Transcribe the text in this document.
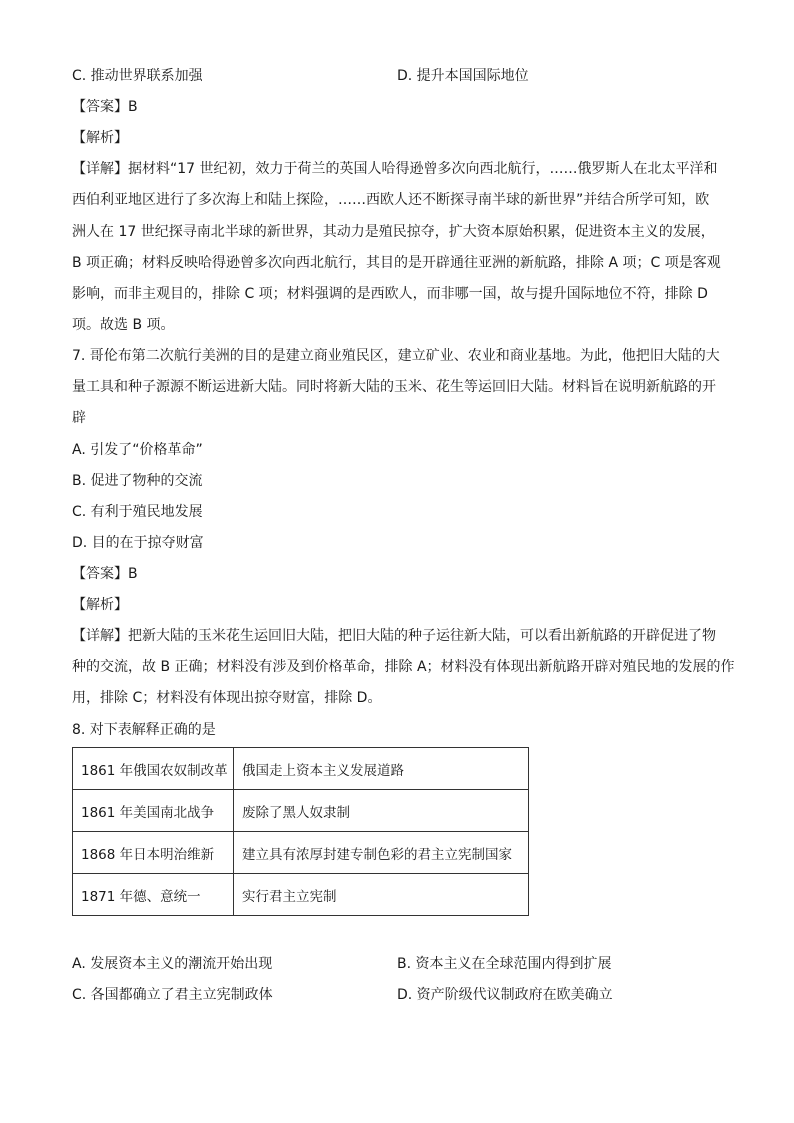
C. 推动世界联系加强	D. 提升本国国际地位
【答案】B
【解析】
【详解】据材料“17 世纪初，效力于荷兰的英国人哈得逊曾多次向西北航行，……俄罗斯人在北太平洋和
西伯利亚地区进行了多次海上和陆上探险，……西欧人还不断探寻南半球的新世界”并结合所学可知，欧
洲人在 17 世纪探寻南北半球的新世界，其动力是殖民掠夺，扩大资本原始积累，促进资本主义的发展，
B 项正确；材料反映哈得逊曾多次向西北航行，其目的是开辟通往亚洲的新航路，排除 A 项；C 项是客观
影响，而非主观目的，排除 C 项；材料强调的是西欧人，而非哪一国，故与提升国际地位不符，排除 D
项。故选 B 项。
7. 哥伦布第二次航行美洲的目的是建立商业殖民区，建立矿业、农业和商业基地。为此，他把旧大陆的大
量工具和种子源源不断运进新大陆。同时将新大陆的玉米、花生等运回旧大陆。材料旨在说明新航路的开
辟
A. 引发了“价格革命”
B. 促进了物种的交流
C. 有利于殖民地发展
D. 目的在于掠夺财富
【答案】B
【解析】
【详解】把新大陆的玉米花生运回旧大陆，把旧大陆的种子运往新大陆，可以看出新航路的开辟促进了物
种的交流，故 B 正确；材料没有涉及到价格革命，排除 A；材料没有体现出新航路开辟对殖民地的发展的作
用，排除 C；材料没有体现出掠夺财富，排除 D。
8. 对下表解释正确的是
1861 年俄国农奴制改革	俄国走上资本主义发展道路
1861 年美国南北战争	废除了黑人奴隶制
1868 年日本明治维新	建立具有浓厚封建专制色彩的君主立宪制国家
1871 年德、意统一	实行君主立宪制
A. 发展资本主义的潮流开始出现	B. 资本主义在全球范围内得到扩展
C. 各国都确立了君主立宪制政体	D. 资产阶级代议制政府在欧美确立
